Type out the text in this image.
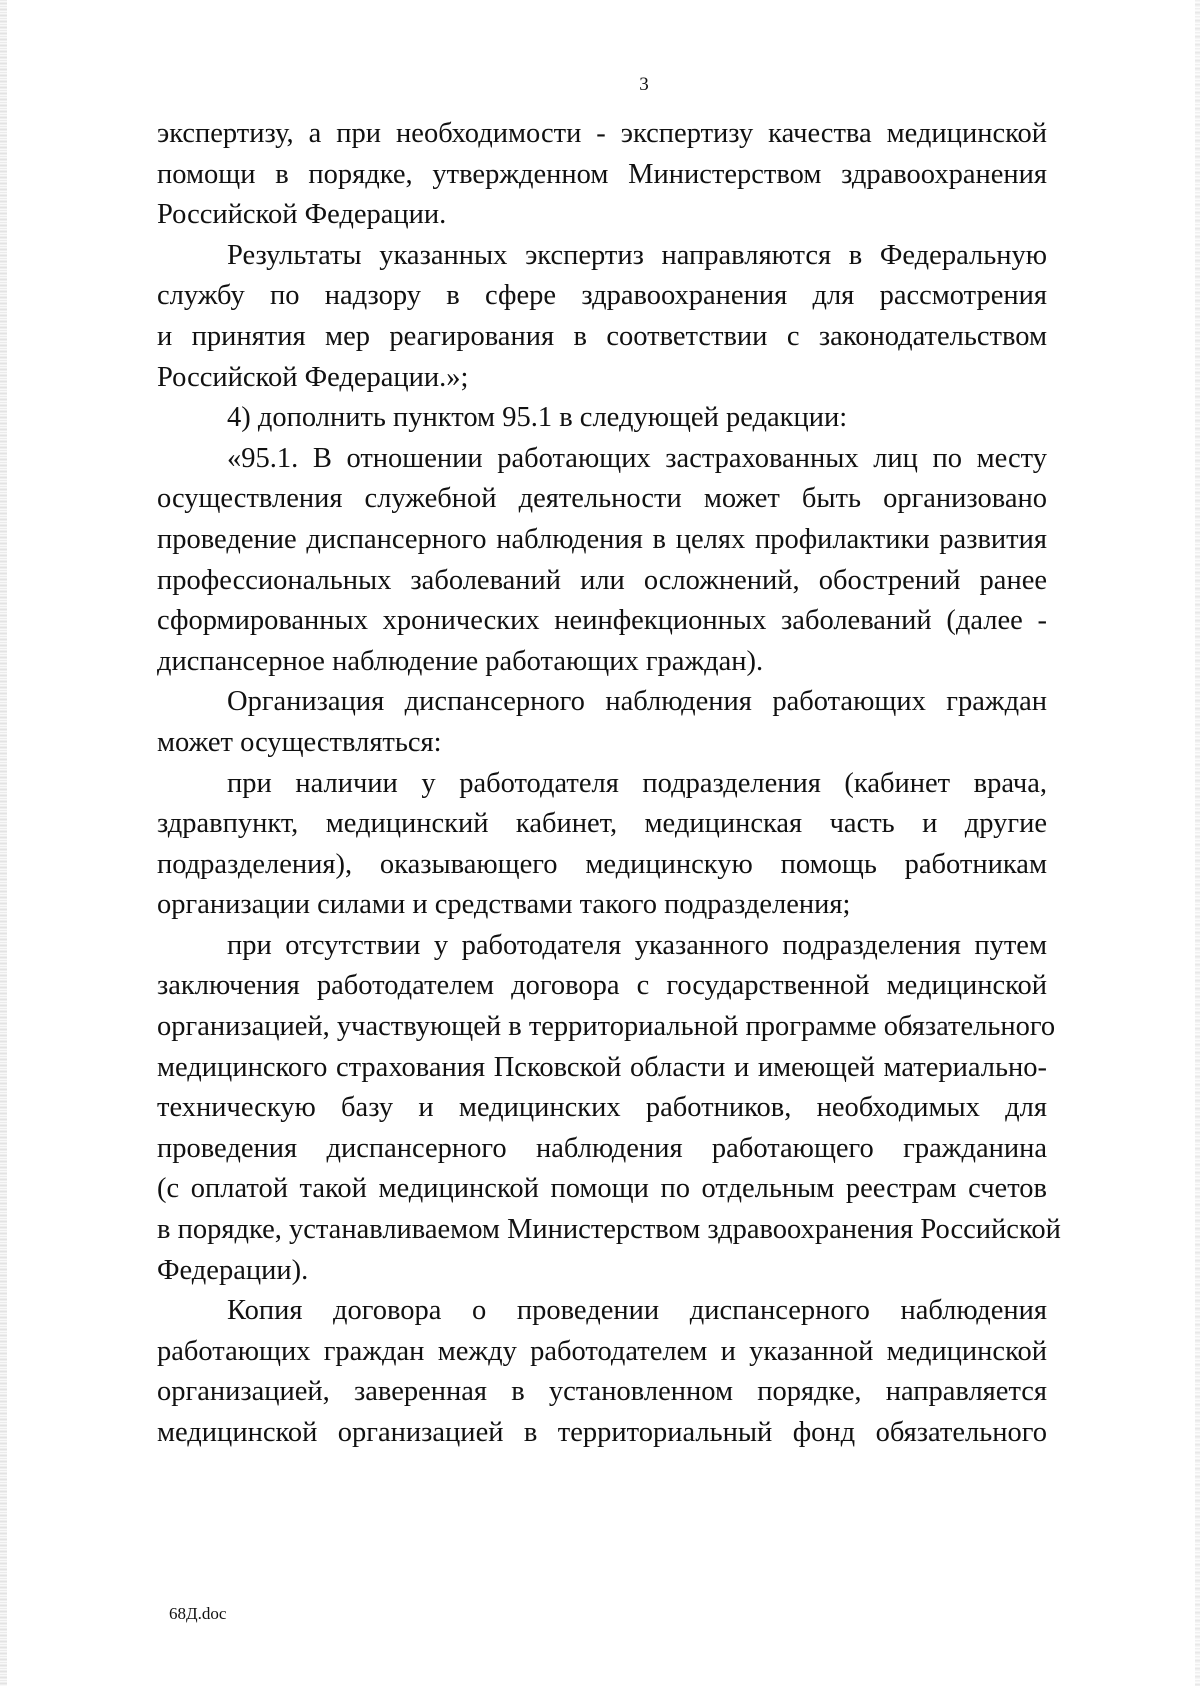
3
экспертизу, а при необходимости - экспертизу качества медицинской
помощи в порядке, утвержденном Министерством здравоохранения
Российской Федерации.
Результаты указанных экспертиз направляются в Федеральную
службу по надзору в сфере здравоохранения для рассмотрения
и принятия мер реагирования в соответствии с законодательством
Российской Федерации.»;
4) дополнить пунктом 95.1 в следующей редакции:
«95.1. В отношении работающих застрахованных лиц по месту
осуществления служебной деятельности может быть организовано
проведение диспансерного наблюдения в целях профилактики развития
профессиональных заболеваний или осложнений, обострений ранее
сформированных хронических неинфекционных заболеваний (далее -
диспансерное наблюдение работающих граждан).
Организация диспансерного наблюдения работающих граждан
может осуществляться:
при наличии у работодателя подразделения (кабинет врача,
здравпункт, медицинский кабинет, медицинская часть и другие
подразделения), оказывающего медицинскую помощь работникам
организации силами и средствами такого подразделения;
при отсутствии у работодателя указанного подразделения путем
заключения работодателем договора с государственной медицинской
организацией, участвующей в территориальной программе обязательного
медицинского страхования Псковской области и имеющей материально-
техническую базу и медицинских работников, необходимых для
проведения диспансерного наблюдения работающего гражданина
(с оплатой такой медицинской помощи по отдельным реестрам счетов
в порядке, устанавливаемом Министерством здравоохранения Российской
Федерации).
Копия договора о проведении диспансерного наблюдения
работающих граждан между работодателем и указанной медицинской
организацией, заверенная в установленном порядке, направляется
медицинской организацией в территориальный фонд обязательного
68Д.doc
